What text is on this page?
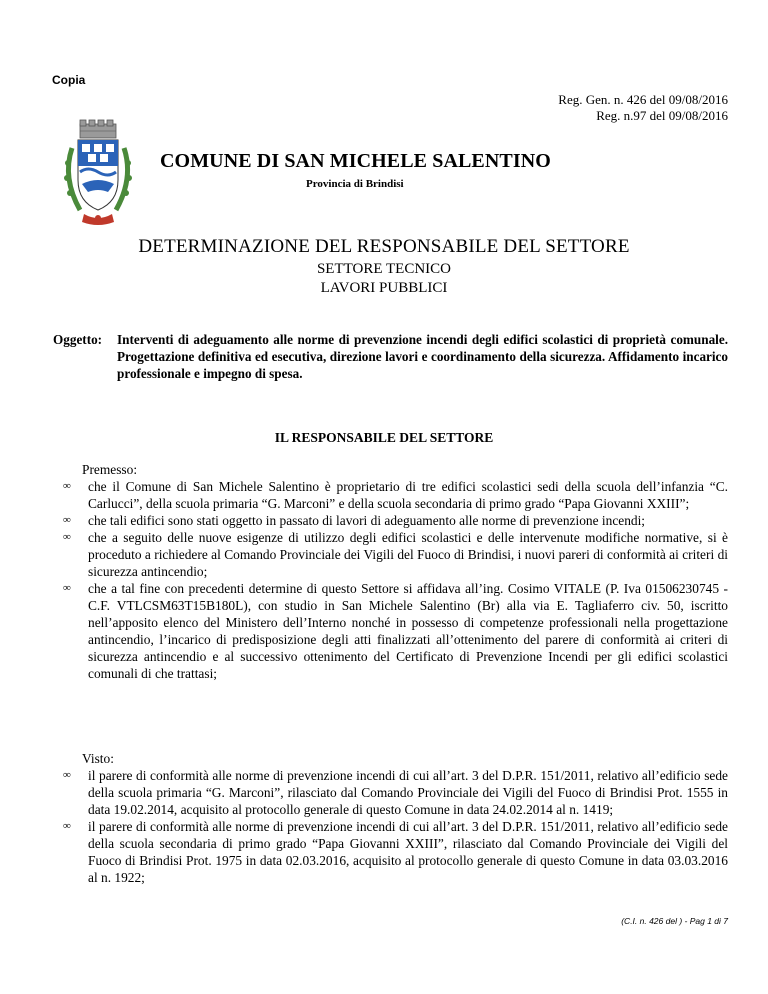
Copia
Reg. Gen. n. 426 del 09/08/2016
Reg. n.97 del 09/08/2016
COMUNE DI SAN MICHELE SALENTINO
Provincia di Brindisi
DETERMINAZIONE DEL RESPONSABILE DEL SETTORE
SETTORE TECNICO
LAVORI PUBBLICI
Oggetto:	Interventi di adeguamento alle norme di prevenzione incendi degli edifici scolastici di proprietà comunale. Progettazione definitiva ed esecutiva, direzione lavori e coordinamento della sicurezza. Affidamento incarico professionale e impegno di spesa.
IL RESPONSABILE DEL SETTORE

Premesso:

∞	che il Comune di San Michele Salentino è proprietario di tre edifici scolastici sedi della scuola dell’infanzia “C. Carlucci”, della scuola primaria “G. Marconi” e della scuola secondaria di primo grado “Papa Giovanni XXIII”;
∞	che tali edifici sono stati oggetto in passato di lavori di adeguamento alle norme di prevenzione incendi;
∞	che a seguito delle nuove esigenze di utilizzo degli edifici scolastici e delle intervenute modifiche normative, si è proceduto a richiedere al Comando Provinciale dei Vigili del Fuoco di Brindisi, i nuovi pareri di conformità ai criteri di sicurezza antincendio;
∞	che a tal fine con precedenti determine di questo Settore si affidava all’ing. Cosimo VITALE (P. Iva 01506230745 - C.F. VTLCSM63T15B180L), con studio in San Michele Salentino (Br) alla via E. Tagliaferro civ. 50, iscritto nell’apposito elenco del Ministero dell’Interno nonché in possesso di competenze professionali nella progettazione antincendio, l’incarico di predisposizione degli atti finalizzati all’ottenimento del parere di conformità ai criteri di sicurezza antincendio e al successivo ottenimento del Certificato di Prevenzione Incendi per gli edifici scolastici comunali di che trattasi;

Visto:

∞	il parere di conformità alle norme di prevenzione incendi di cui all’art. 3 del D.P.R. 151/2011, relativo all’edificio sede della scuola primaria “G. Marconi”, rilasciato dal Comando Provinciale dei Vigili del Fuoco di Brindisi Prot. 1555 in data 19.02.2014, acquisito al protocollo generale di questo Comune in data 24.02.2014 al n. 1419;
∞	il parere di conformità alle norme di prevenzione incendi di cui all’art. 3 del D.P.R. 151/2011, relativo all’edificio sede della scuola secondaria di primo grado “Papa Giovanni XXIII”, rilasciato dal Comando Provinciale dei Vigili del Fuoco di Brindisi Prot. 1975 in data 02.03.2016, acquisito al protocollo generale di questo Comune in data 03.03.2016 al n. 1922;
(C.I. n. 426 del ) - Pag 1 di 7
